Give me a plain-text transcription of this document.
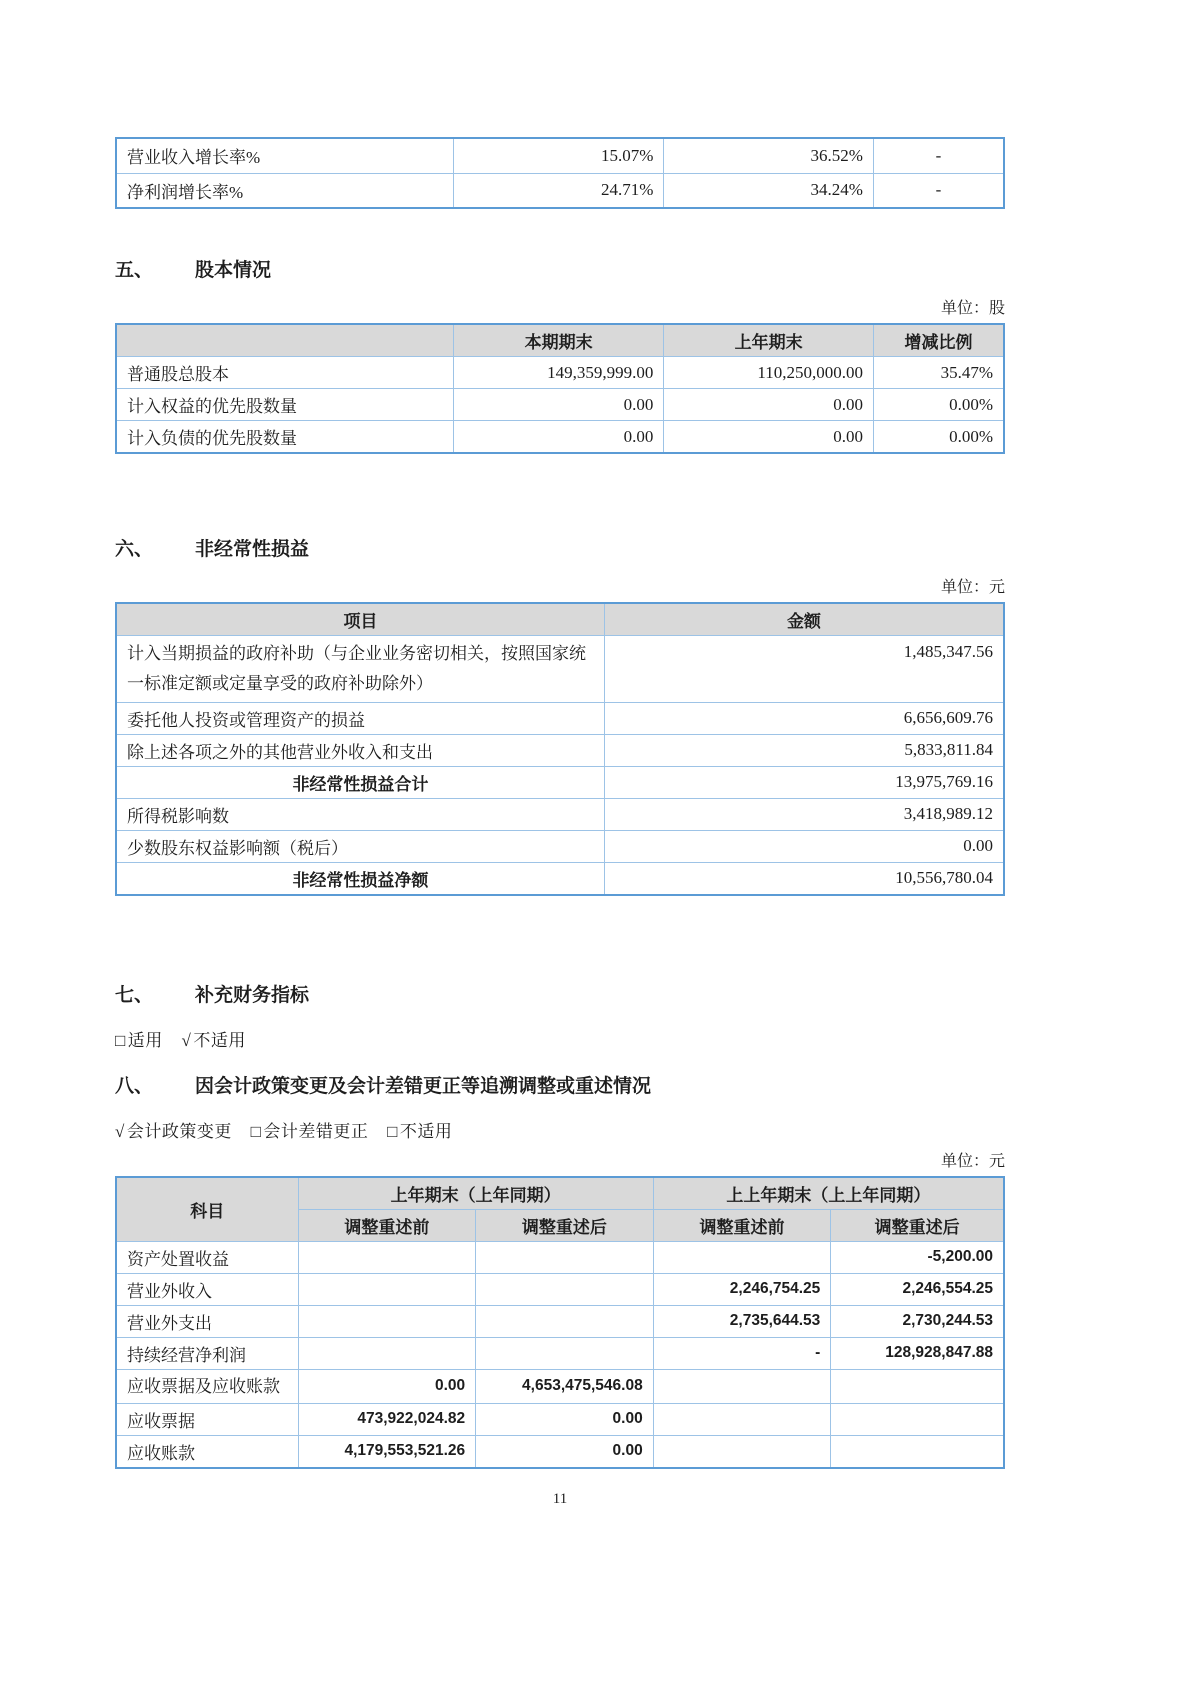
营业收入增长率%	15.07%	36.52%	-
净利润增长率%	24.71%	34.24%	-
五、	股本情况
单位：股
	本期期末	上年期末	增减比例
普通股总股本	149,359,999.00	110,250,000.00	35.47%
计入权益的优先股数量	0.00	0.00	0.00%
计入负债的优先股数量	0.00	0.00	0.00%
六、	非经常性损益
单位：元
项目	金额
计入当期损益的政府补助（与企业业务密切相关，按照国家统一标准定额或定量享受的政府补助除外）	1,485,347.56
委托他人投资或管理资产的损益	6,656,609.76
除上述各项之外的其他营业外收入和支出	5,833,811.84
非经常性损益合计	13,975,769.16
所得税影响数	3,418,989.12
少数股东权益影响额（税后）	0.00
非经常性损益净额	10,556,780.04
七、	补充财务指标
□ 适用 √ 不适用
八、	因会计政策变更及会计差错更正等追溯调整或重述情况
√ 会计政策变更 □ 会计差错更正 □ 不适用
单位：元
科目	上年期末（上年同期）		上上年期末（上上年同期）	
	调整重述前	调整重述后	调整重述前	调整重述后
资产处置收益				-5,200.00
营业外收入			2,246,754.25	2,246,554.25
营业外支出			2,735,644.53	2,730,244.53
持续经营净利润			-	128,928,847.88
应收票据及应收账款	0.00	4,653,475,546.08		
应收票据	473,922,024.82	0.00		
应收账款	4,179,553,521.26	0.00		
11
